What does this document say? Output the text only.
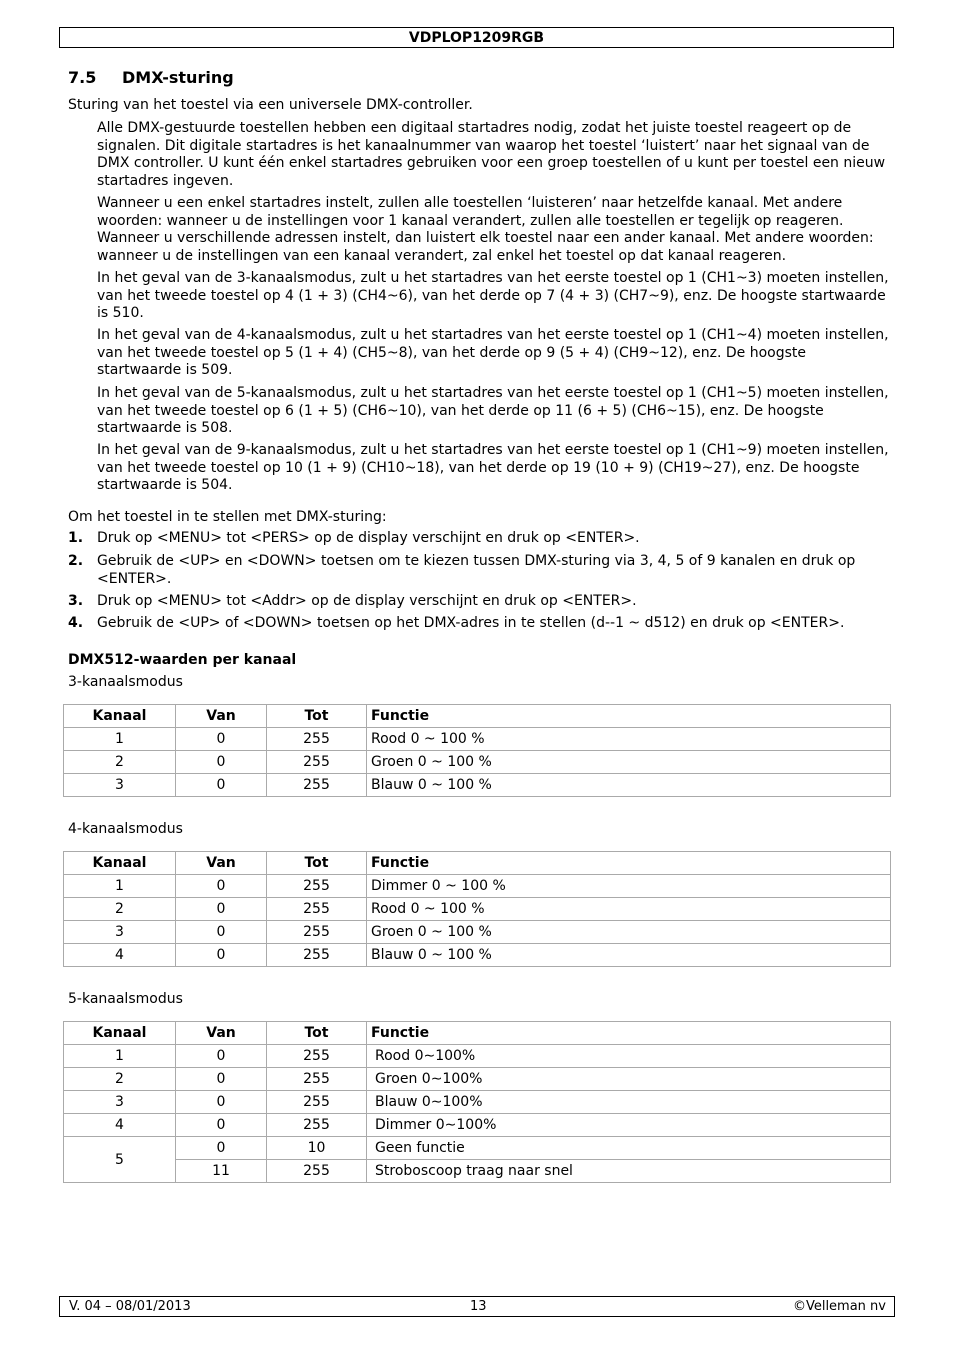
VDPLOP1209RGB
7.5 DMX-sturing
Sturing van het toestel via een universele DMX-controller.
Alle DMX-gestuurde toestellen hebben een digitaal startadres nodig, zodat het juiste toestel reageert op de signalen. Dit digitale startadres is het kanaalnummer van waarop het toestel ‘luistert’ naar het signaal van de DMX controller. U kunt één enkel startadres gebruiken voor een groep toestellen of u kunt per toestel een nieuw startadres ingeven.
Wanneer u een enkel startadres instelt, zullen alle toestellen ‘luisteren’ naar hetzelfde kanaal. Met andere woorden: wanneer u de instellingen voor 1 kanaal verandert, zullen alle toestellen er tegelijk op reageren. Wanneer u verschillende adressen instelt, dan luistert elk toestel naar een ander kanaal. Met andere woorden: wanneer u de instellingen van een kanaal verandert, zal enkel het toestel op dat kanaal reageren.
In het geval van de 3-kanaalsmodus, zult u het startadres van het eerste toestel op 1 (CH1~3) moeten instellen, van het tweede toestel op 4 (1 + 3) (CH4~6), van het derde op 7 (4 + 3) (CH7~9), enz. De hoogste startwaarde is 510.
In het geval van de 4-kanaalsmodus, zult u het startadres van het eerste toestel op 1 (CH1~4) moeten instellen, van het tweede toestel op 5 (1 + 4) (CH5~8), van het derde op 9 (5 + 4) (CH9~12), enz. De hoogste startwaarde is 509.
In het geval van de 5-kanaalsmodus, zult u het startadres van het eerste toestel op 1 (CH1~5) moeten instellen, van het tweede toestel op 6 (1 + 5) (CH6~10), van het derde op 11 (6 + 5) (CH6~15), enz. De hoogste startwaarde is 508.
In het geval van de 9-kanaalsmodus, zult u het startadres van het eerste toestel op 1 (CH1~9) moeten instellen, van het tweede toestel op 10 (1 + 9) (CH10~18), van het derde op 19 (10 + 9) (CH19~27), enz. De hoogste startwaarde is 504.
Om het toestel in te stellen met DMX-sturing:
1. Druk op <MENU> tot <PERS> op de display verschijnt en druk op <ENTER>.
2. Gebruik de <UP> en <DOWN> toetsen om te kiezen tussen DMX-sturing via 3, 4, 5 of 9 kanalen en druk op <ENTER>.
3. Druk op <MENU> tot <Addr> op de display verschijnt en druk op <ENTER>.
4. Gebruik de <UP> of <DOWN> toetsen op het DMX-adres in te stellen (d--1 ~ d512) en druk op <ENTER>.
DMX512-waarden per kanaal
3-kanaalsmodus
Kanaal	Van	Tot	Functie
1	0	255	Rood 0 ~ 100 %
2	0	255	Groen 0 ~ 100 %
3	0	255	Blauw 0 ~ 100 %
4-kanaalsmodus
Kanaal	Van	Tot	Functie
1	0	255	Dimmer 0 ~ 100 %
2	0	255	Rood 0 ~ 100 %
3	0	255	Groen 0 ~ 100 %
4	0	255	Blauw 0 ~ 100 %
5-kanaalsmodus
Kanaal	Van	Tot	Functie
1	0	255	Rood 0∼100%
2	0	255	Groen 0∼100%
3	0	255	Blauw 0∼100%
4	0	255	Dimmer 0∼100%
5	0	10	Geen functie
	11	255	Stroboscoop traag naar snel
V. 04 – 08/01/2013	13	©Velleman nv
